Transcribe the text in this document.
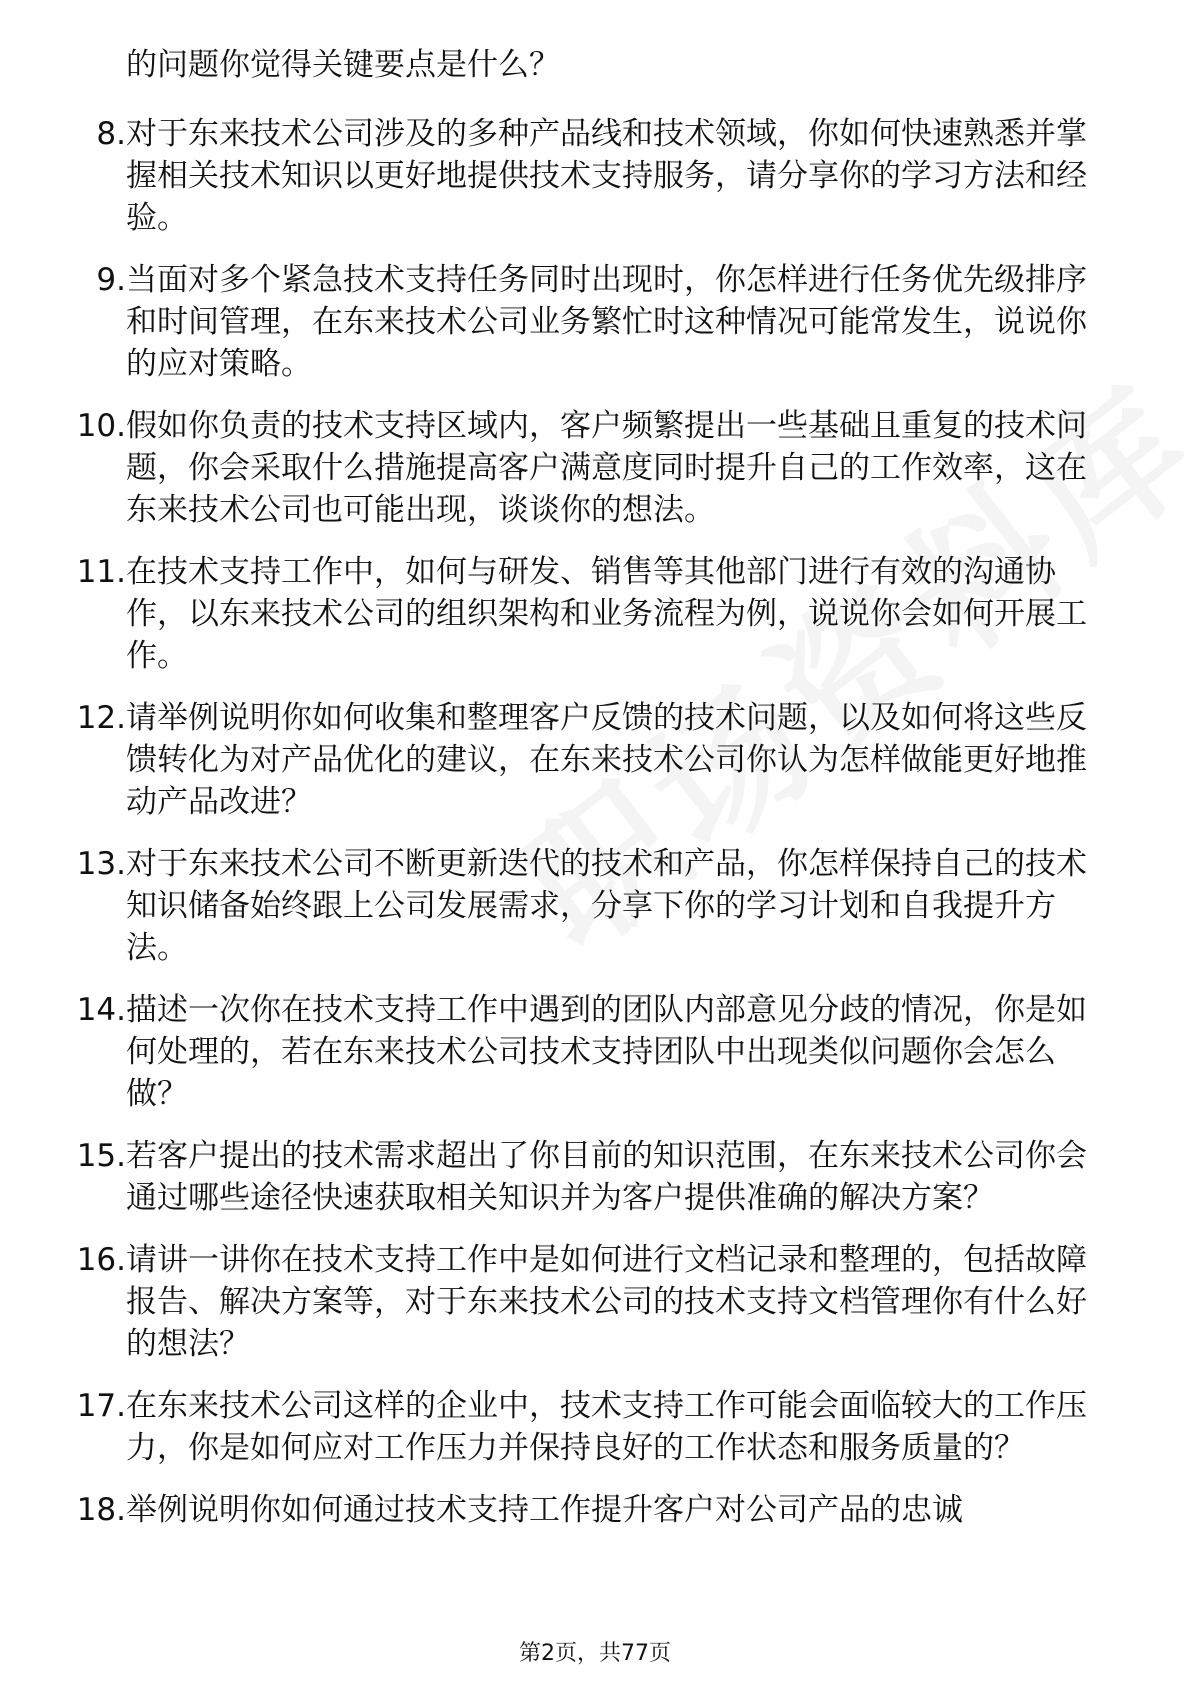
的问题你觉得关键要点是什么？
8. 对于东来技术公司涉及的多种产品线和技术领域，你如何快速熟悉并掌握相关技术知识以更好地提供技术支持服务，请分享你的学习方法和经验。
9. 当面对多个紧急技术支持任务同时出现时，你怎样进行任务优先级排序和时间管理，在东来技术公司业务繁忙时这种情况可能常发生，说说你的应对策略。
10. 假如你负责的技术支持区域内，客户频繁提出一些基础且重复的技术问题，你会采取什么措施提高客户满意度同时提升自己的工作效率，这在东来技术公司也可能出现，谈谈你的想法。
11. 在技术支持工作中，如何与研发、销售等其他部门进行有效的沟通协作，以东来技术公司的组织架构和业务流程为例，说说你会如何开展工作。
12. 请举例说明你如何收集和整理客户反馈的技术问题，以及如何将这些反馈转化为对产品优化的建议，在东来技术公司你认为怎样做能更好地推动产品改进？
13. 对于东来技术公司不断更新迭代的技术和产品，你怎样保持自己的技术知识储备始终跟上公司发展需求，分享下你的学习计划和自我提升方法。
14. 描述一次你在技术支持工作中遇到的团队内部意见分歧的情况，你是如何处理的，若在东来技术公司技术支持团队中出现类似问题你会怎么做？
15. 若客户提出的技术需求超出了你目前的知识范围，在东来技术公司你会通过哪些途径快速获取相关知识并为客户提供准确的解决方案？
16. 请讲一讲你在技术支持工作中是如何进行文档记录和整理的，包括故障报告、解决方案等，对于东来技术公司的技术支持文档管理你有什么好的想法？
17. 在东来技术公司这样的企业中，技术支持工作可能会面临较大的工作压力，你是如何应对工作压力并保持良好的工作状态和服务质量的？
18. 举例说明你如何通过技术支持工作提升客户对公司产品的忠诚
第2页，共77页
